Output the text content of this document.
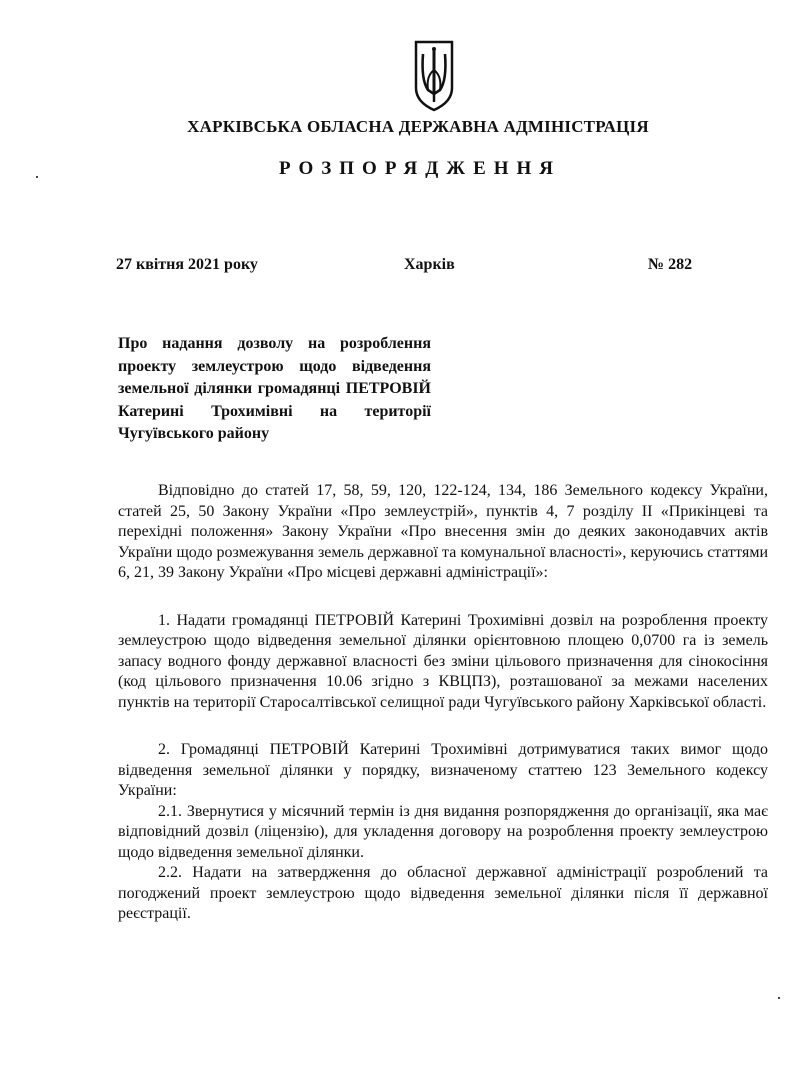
ХАРКІВСЬКА ОБЛАСНА ДЕРЖАВНА АДМІНІСТРАЦІЯ
РОЗПОРЯДЖЕННЯ
27 квітня 2021 року	Харків	№ 282
Про надання дозволу на розроблення проекту землеустрою щодо відведення земельної ділянки громадянці ПЕТРОВІЙ Катерині Трохимівні на території Чугуївського району

Відповідно до статей 17, 58, 59, 120, 122-124, 134, 186 Земельного кодексу України, статей 25, 50 Закону України «Про землеустрій», пунктів 4, 7 розділу II «Прикінцеві та перехідні положення» Закону України «Про внесення змін до деяких законодавчих актів України щодо розмежування земель державної та комунальної власності», керуючись статтями 6, 21, 39 Закону України «Про місцеві державні адміністрації»:

1. Надати громадянці ПЕТРОВІЙ Катерині Трохимівні дозвіл на розроблення проекту землеустрою щодо відведення земельної ділянки орієнтовною площею 0,0700 га із земель запасу водного фонду державної власності без зміни цільового призначення для сінокосіння (код цільового призначення 10.06 згідно з КВЦПЗ), розташованої за межами населених пунктів на території Старосалтівської селищної ради Чугуївського району Харківської області.

2. Громадянці ПЕТРОВІЙ Катерині Трохимівні дотримуватися таких вимог щодо відведення земельної ділянки у порядку, визначеному статтею 123 Земельного кодексу України:

2.1. Звернутися у місячний термін із дня видання розпорядження до організації, яка має відповідний дозвіл (ліцензію), для укладення договору на розроблення проекту землеустрою щодо відведення земельної ділянки.

2.2. Надати на затвердження до обласної державної адміністрації розроблений та погоджений проект землеустрою щодо відведення земельної ділянки після її державної реєстрації.
